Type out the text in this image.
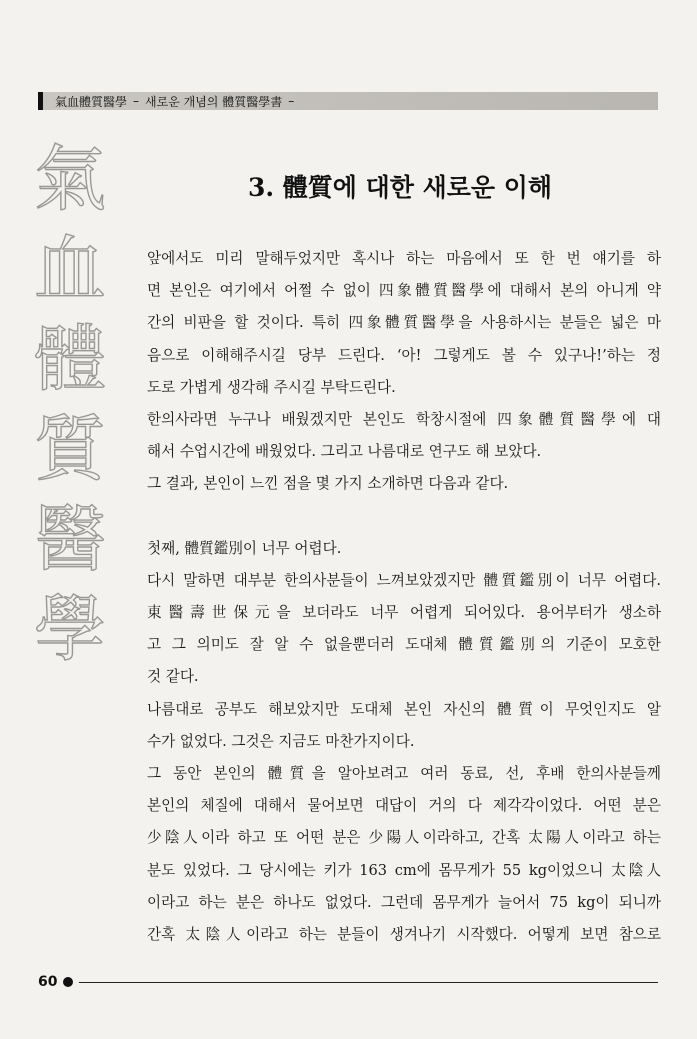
氣血體質醫學 – 새로운 개념의 體質醫學書 –
氣
血
體
質
醫
學
3. 體質에 대한 새로운 이해
앞에서도 미리 말해두었지만 혹시나 하는 마음에서 또 한 번 얘기를 하
면 본인은 여기에서 어쩔 수 없이 四象體質醫學에 대해서 본의 아니게 약
간의 비판을 할 것이다. 특히 四象體質醫學을 사용하시는 분들은 넓은 마
음으로 이해해주시길 당부 드린다. ‘아! 그렇게도 볼 수 있구나!’하는 정
도로 가볍게 생각해 주시길 부탁드린다.
한의사라면 누구나 배웠겠지만 본인도 학창시절에 四象體質醫學에 대
해서 수업시간에 배웠었다. 그리고 나름대로 연구도 해 보았다.
그 결과, 본인이 느낀 점을 몇 가지 소개하면 다음과 같다.
첫째, 體質鑑別이 너무 어렵다.
다시 말하면 대부분 한의사분들이 느껴보았겠지만 體質鑑別이 너무 어렵다.
東醫壽世保元을 보더라도 너무 어렵게 되어있다. 용어부터가 생소하
고 그 의미도 잘 알 수 없을뿐더러 도대체 體質鑑別의 기준이 모호한
것 같다.
나름대로 공부도 해보았지만 도대체 본인 자신의 體質이 무엇인지도 알
수가 없었다. 그것은 지금도 마찬가지이다.
그 동안 본인의 體質을 알아보려고 여러 동료, 선, 후배 한의사분들께
본인의 체질에 대해서 물어보면 대답이 거의 다 제각각이었다. 어떤 분은
少陰人이라 하고 또 어떤 분은 少陽人이라하고, 간혹 太陽人이라고 하는
분도 있었다. 그 당시에는 키가 163 cm에 몸무게가 55 kg이었으니 太陰人
이라고 하는 분은 하나도 없었다. 그런데 몸무게가 늘어서 75 kg이 되니까
간혹 太陰人이라고 하는 분들이 생겨나기 시작했다. 어떻게 보면 참으로
60
